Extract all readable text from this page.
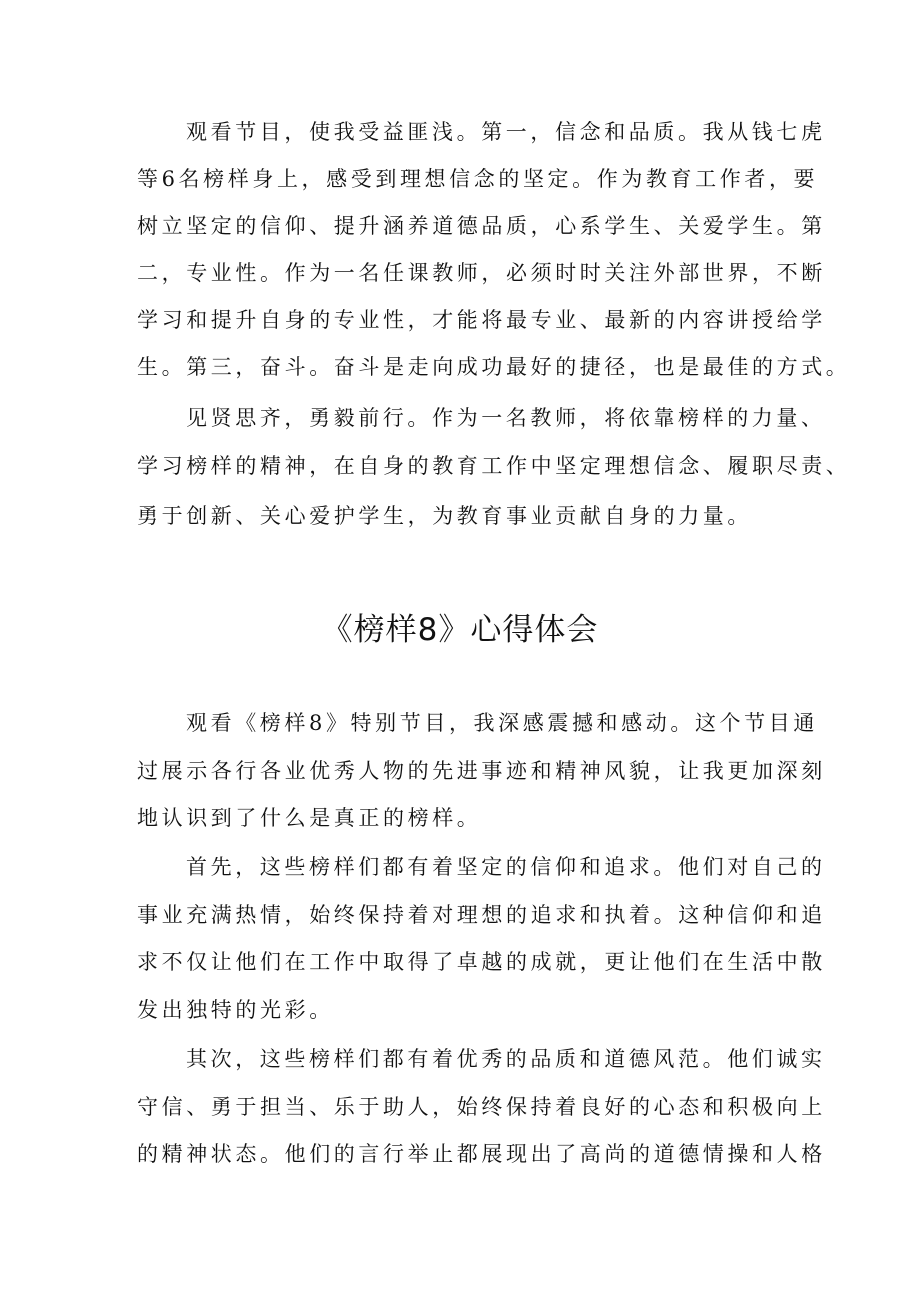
观看节目，使我受益匪浅。第一，信念和品质。我从钱七虎
等6名榜样身上，感受到理想信念的坚定。作为教育工作者，要
树立坚定的信仰、提升涵养道德品质，心系学生、关爱学生。第
二，专业性。作为一名任课教师，必须时时关注外部世界，不断
学习和提升自身的专业性，才能将最专业、最新的内容讲授给学
生。第三，奋斗。奋斗是走向成功最好的捷径，也是最佳的方式。
见贤思齐，勇毅前行。作为一名教师，将依靠榜样的力量、
学习榜样的精神，在自身的教育工作中坚定理想信念、履职尽责、
勇于创新、关心爱护学生，为教育事业贡献自身的力量。
《榜样8》心得体会
观看《榜样8》特别节目，我深感震撼和感动。这个节目通
过展示各行各业优秀人物的先进事迹和精神风貌，让我更加深刻
地认识到了什么是真正的榜样。
首先，这些榜样们都有着坚定的信仰和追求。他们对自己的
事业充满热情，始终保持着对理想的追求和执着。这种信仰和追
求不仅让他们在工作中取得了卓越的成就，更让他们在生活中散
发出独特的光彩。
其次，这些榜样们都有着优秀的品质和道德风范。他们诚实
守信、勇于担当、乐于助人，始终保持着良好的心态和积极向上
的精神状态。他们的言行举止都展现出了高尚的道德情操和人格
